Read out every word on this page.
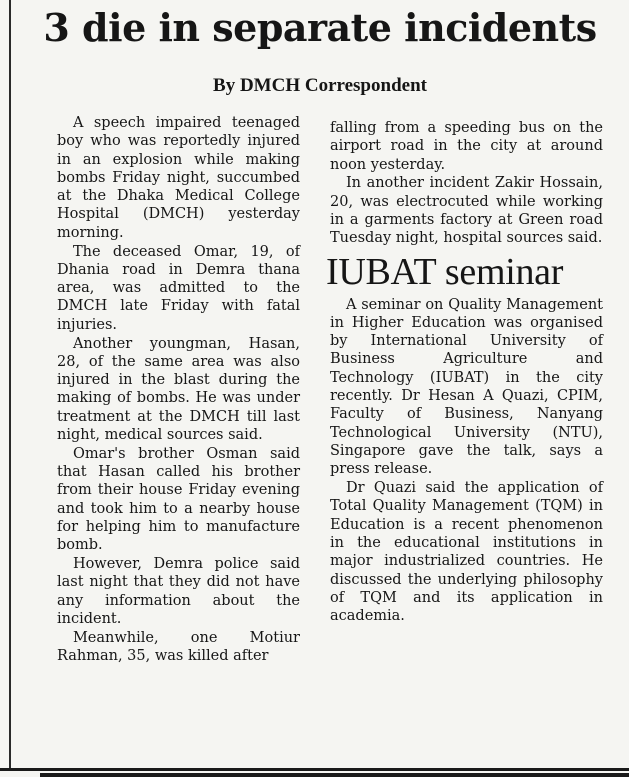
3 die in separate incidents
By DMCH Correspondent

A speech impaired teenaged boy who was reportedly injured in an explosion while making bombs Friday night, succumbed at the Dhaka Medical College Hospital (DMCH) yesterday morning.

The deceased Omar, 19, of Dhania road in Demra thana area, was admitted to the DMCH late Friday with fatal injuries.

Another youngman, Hasan, 28, of the same area was also injured in the blast during the making of bombs. He was under treatment at the DMCH till last night, medical sources said.

Omar's brother Osman said that Hasan called his brother from their house Friday evening and took him to a nearby house for helping him to manufacture bomb.

However, Demra police said last night that they did not have any information about the incident.

Meanwhile, one Motiur Rahman, 35, was killed after

falling from a speeding bus on the airport road in the city at around noon yesterday.

In another incident Zakir Hossain, 20, was electrocuted while working in a garments factory at Green road Tuesday night, hospital sources said.

IUBAT seminar

A seminar on Quality Management in Higher Education was organised by International University of Business Agriculture and Technology (IUBAT) in the city recently. Dr Hesan A Quazi, CPIM, Faculty of Business, Nanyang Technological University (NTU), Singapore gave the talk, says a press release.

Dr Quazi said the application of Total Quality Management (TQM) in Education is a recent phenomenon in the educational institutions in major industrialized countries. He discussed the underlying philosophy of TQM and its application in academia.
